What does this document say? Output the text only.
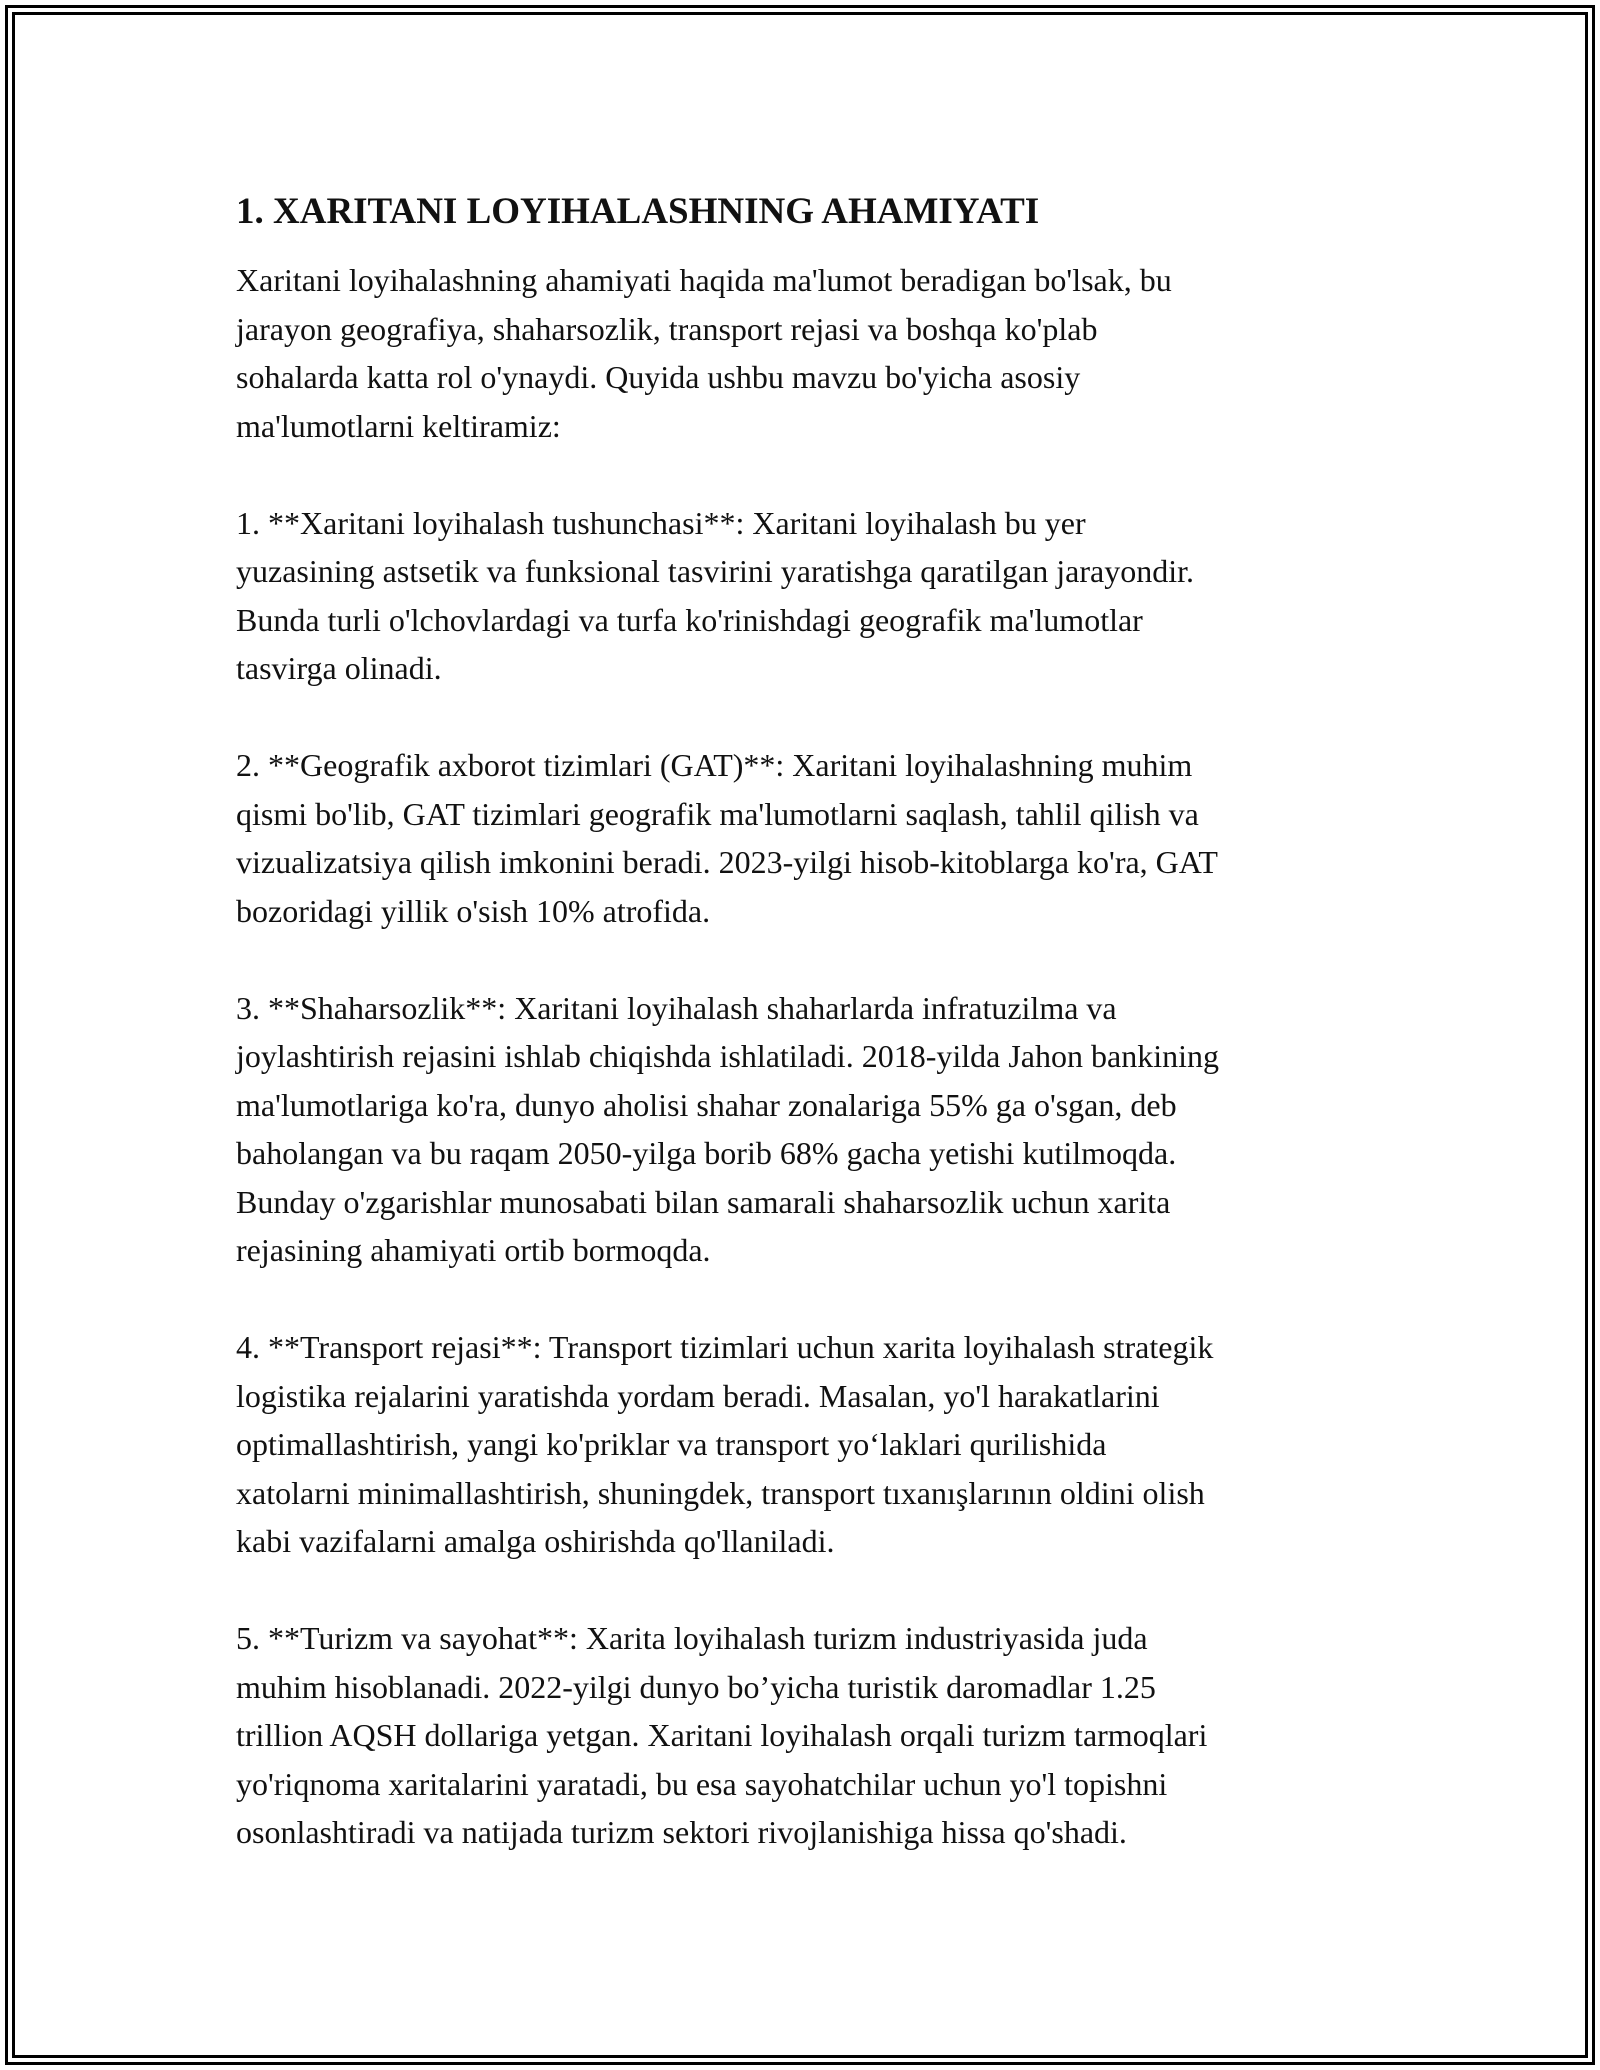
1. XARITANI LOYIHALASHNING AHAMIYATI

Xaritani loyihalashning ahamiyati haqida ma'lumot beradigan bo'lsak, bu
jarayon geografiya, shaharsozlik, transport rejasi va boshqa ko'plab
sohalarda katta rol o'ynaydi. Quyida ushbu mavzu bo'yicha asosiy
ma'lumotlarni keltiramiz:

1. **Xaritani loyihalash tushunchasi**: Xaritani loyihalash bu yer
yuzasining astsetik va funksional tasvirini yaratishga qaratilgan jarayondir.
Bunda turli o'lchovlardagi va turfa ko'rinishdagi geografik ma'lumotlar
tasvirga olinadi.

2. **Geografik axborot tizimlari (GAT)**: Xaritani loyihalashning muhim
qismi bo'lib, GAT tizimlari geografik ma'lumotlarni saqlash, tahlil qilish va
vizualizatsiya qilish imkonini beradi. 2023-yilgi hisob-kitoblarga ko'ra, GAT
bozoridagi yillik o'sish 10% atrofida.

3. **Shaharsozlik**: Xaritani loyihalash shaharlarda infratuzilma va
joylashtirish rejasini ishlab chiqishda ishlatiladi. 2018-yilda Jahon bankining
ma'lumotlariga ko'ra, dunyo aholisi shahar zonalariga 55% ga o'sgan, deb
baholangan va bu raqam 2050-yilga borib 68% gacha yetishi kutilmoqda.
Bunday o'zgarishlar munosabati bilan samarali shaharsozlik uchun xarita
rejasining ahamiyati ortib bormoqda.

4. **Transport rejasi**: Transport tizimlari uchun xarita loyihalash strategik
logistika rejalarini yaratishda yordam beradi. Masalan, yo'l harakatlarini
optimallashtirish, yangi ko'priklar va transport yo‘laklari qurilishida
xatolarni minimallashtirish, shuningdek, transport tıxanışlarının oldini olish
kabi vazifalarni amalga oshirishda qo'llaniladi.

5. **Turizm va sayohat**: Xarita loyihalash turizm industriyasida juda
muhim hisoblanadi. 2022-yilgi dunyo bo’yicha turistik daromadlar 1.25
trillion AQSH dollariga yetgan. Xaritani loyihalash orqali turizm tarmoqlari
yo'riqnoma xaritalarini yaratadi, bu esa sayohatchilar uchun yo'l topishni
osonlashtiradi va natijada turizm sektori rivojlanishiga hissa qo'shadi.
